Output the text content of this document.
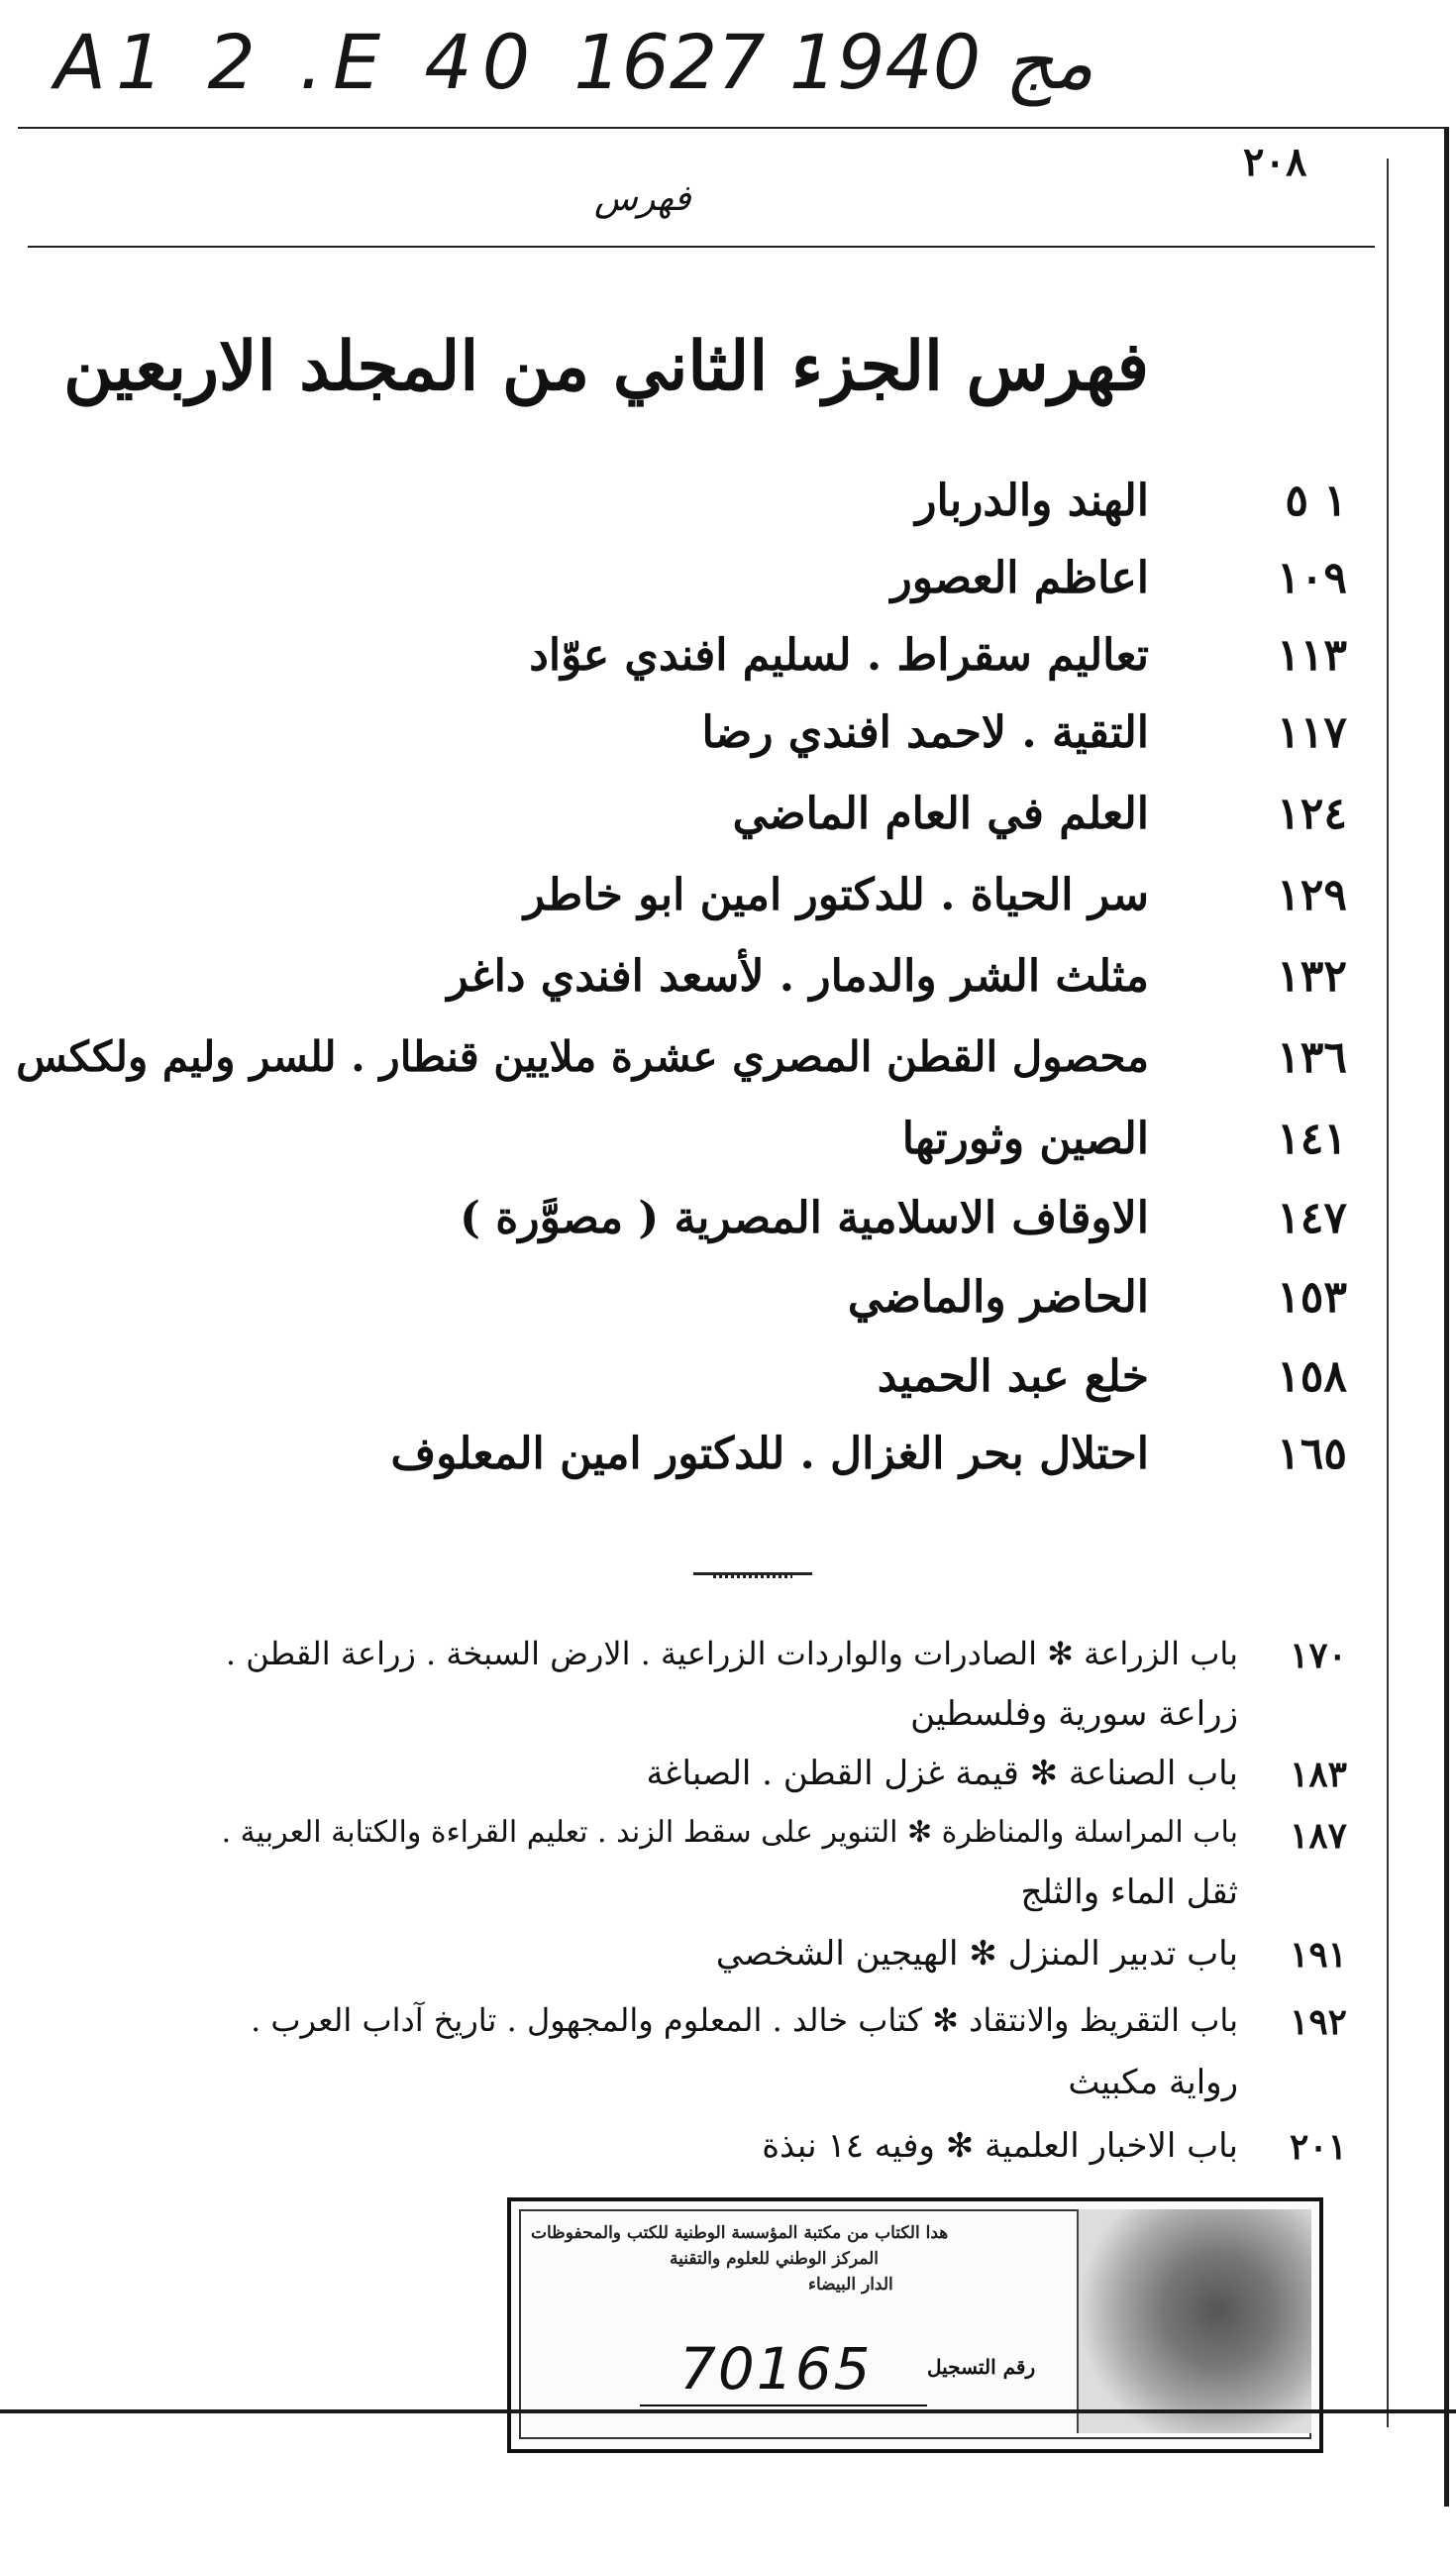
A1 2 .E 40 مج 1940 1627
٢٠٨
فهرس
فهرس الجزء الثاني من المجلد الاربعين
١ ٥
الهند والدربار
١٠٩
اعاظم العصور
١١٣
تعاليم سقراط . لسليم افندي عوّاد
١١٧
التقية . لاحمد افندي رضا
١٢٤
العلم في العام الماضي
١٢٩
سر الحياة . للدكتور امين ابو خاطر
١٣٢
مثلث الشر والدمار . لأسعد افندي داغر
١٣٦
محصول القطن المصري عشرة ملايين قنطار . للسر وليم ولككس
١٤١
الصين وثورتها
١٤٧
الاوقاف الاسلامية المصرية ( مصوَّرة )
١٥٣
الحاضر والماضي
١٥٨
خلع عبد الحميد
١٦٥
احتلال بحر الغزال . للدكتور امين المعلوف
١٧٠
باب الزراعة ✻ الصادرات والواردات الزراعية . الارض السبخة . زراعة القطن .
زراعة سورية وفلسطين
١٨٣
باب الصناعة ✻ قيمة غزل القطن . الصباغة
١٨٧
باب المراسلة والمناظرة ✻ التنوير على سقط الزند . تعليم القراءة والكتابة العربية .
ثقل الماء والثلج
١٩١
باب تدبير المنزل ✻ الهيجين الشخصي
١٩٢
باب التقريظ والانتقاد ✻ كتاب خالد . المعلوم والمجهول . تاريخ آداب العرب .
رواية مكبيث
٢٠١
باب الاخبار العلمية ✻ وفيه ١٤ نبذة
هدا الكتاب من مكتبة المؤسسة الوطنية للكتب والمحفوظات
المركز الوطني للعلوم والتقنية
الدار البيضاء
70165	رقم التسجيل
